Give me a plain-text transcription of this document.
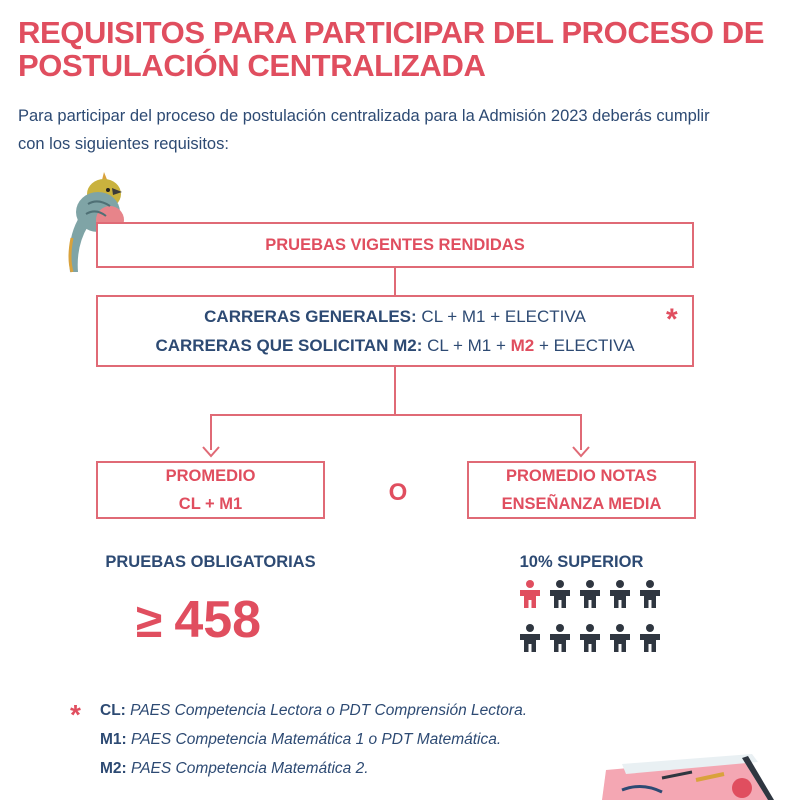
REQUISITOS PARA PARTICIPAR DEL PROCESO DE
POSTULACIÓN CENTRALIZADA
Para participar del proceso de postulación centralizada para la Admisión 2023 deberás cumplir
con los siguientes requisitos:
PRUEBAS VIGENTES RENDIDAS
CARRERAS GENERALES: CL + M1 + ELECTIVA
CARRERAS QUE SOLICITAN M2: CL + M1 + M2 + ELECTIVA
*
PROMEDIO
CL + M1	O
PROMEDIO NOTAS
ENSEÑANZA MEDIA
PRUEBAS OBLIGATORIAS
≥ 458
10% SUPERIOR
* CL: PAES Competencia Lectora o PDT Comprensión Lectora.
M1: PAES Competencia Matemática 1 o PDT Matemática.
M2: PAES Competencia Matemática 2.
